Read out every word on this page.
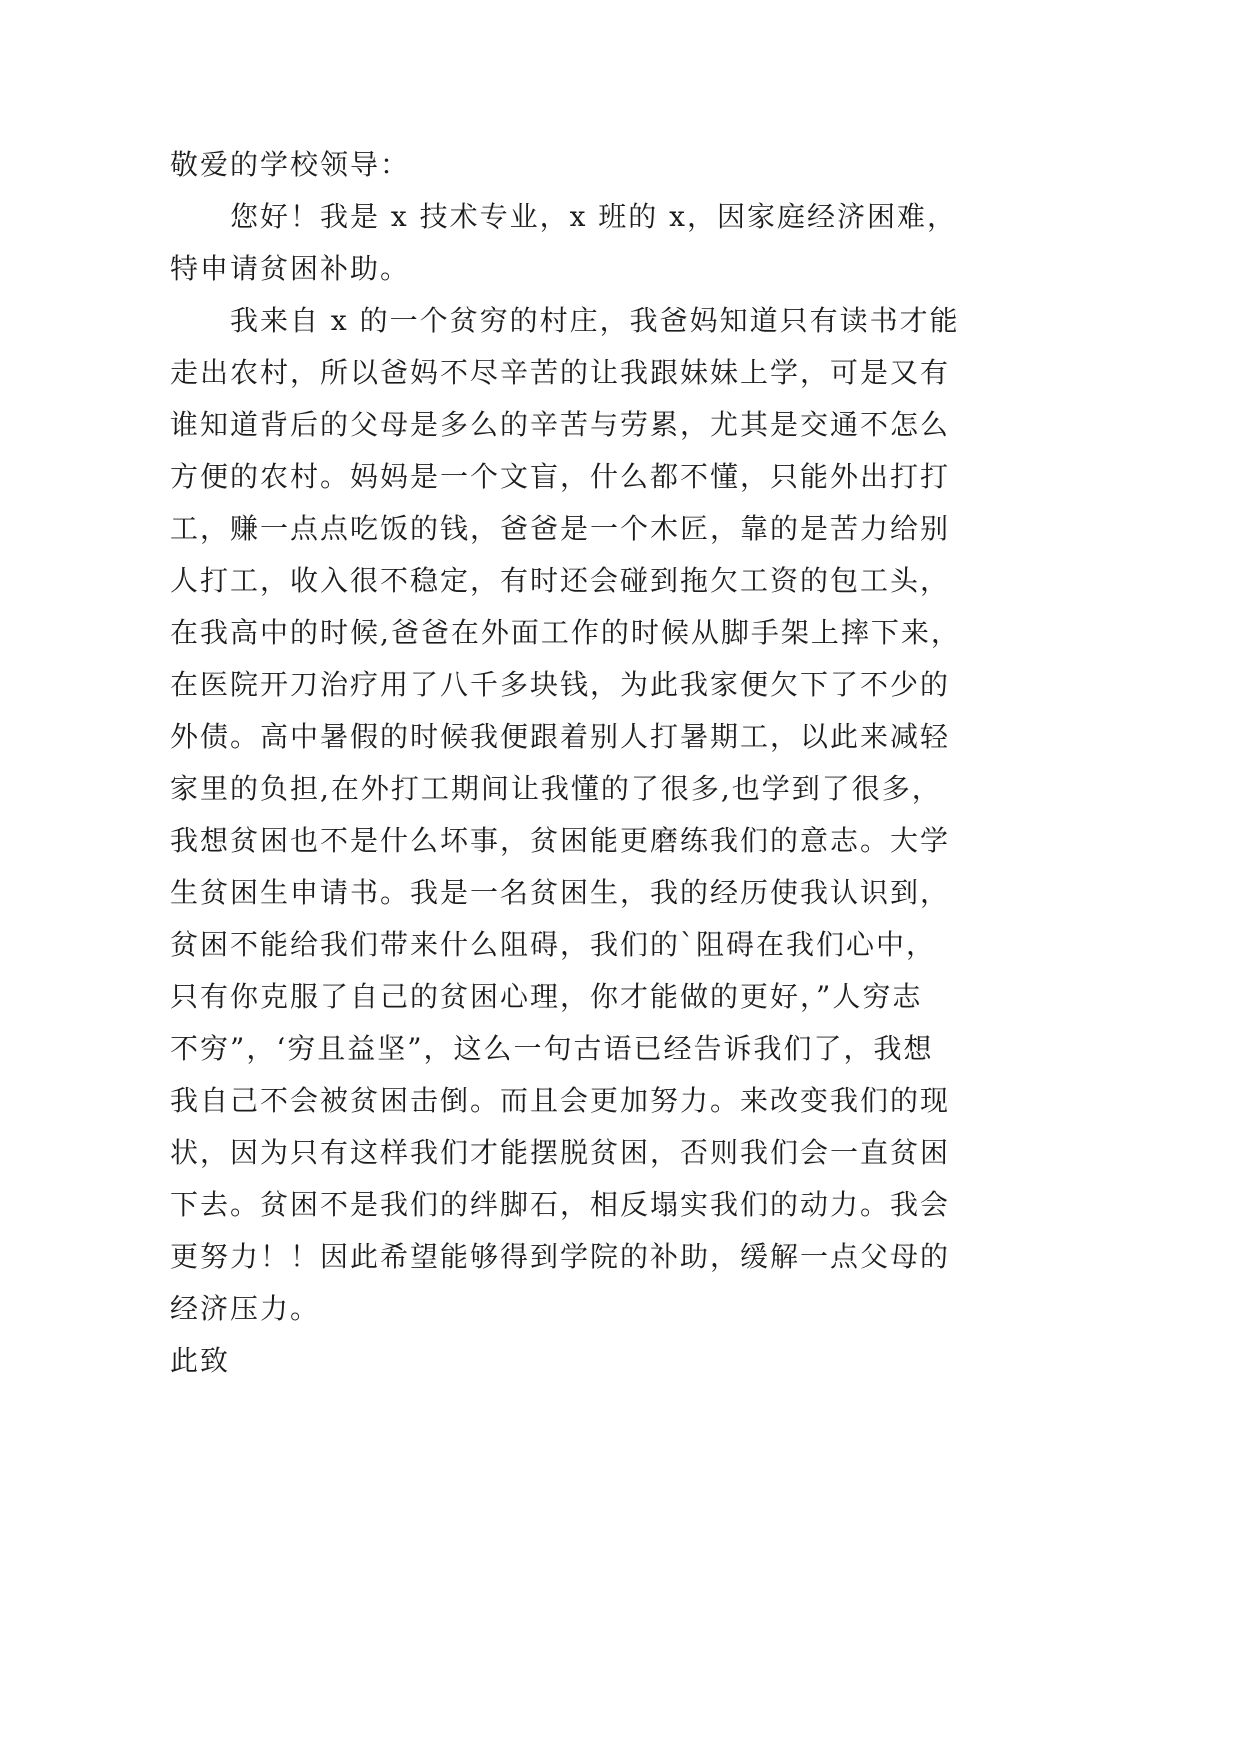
敬爱的学校领导：
您好！我是 x 技术专业，x 班的 x，因家庭经济困难，
特申请贫困补助。
我来自 x 的一个贫穷的村庄，我爸妈知道只有读书才能
走出农村，所以爸妈不尽辛苦的让我跟妹妹上学，可是又有
谁知道背后的父母是多么的辛苦与劳累，尤其是交通不怎么
方便的农村。妈妈是一个文盲，什么都不懂，只能外出打打
工，赚一点点吃饭的钱，爸爸是一个木匠，靠的是苦力给别
人打工，收入很不稳定，有时还会碰到拖欠工资的包工头，
在我高中的时候,爸爸在外面工作的时候从脚手架上摔下来，
在医院开刀治疗用了八千多块钱，为此我家便欠下了不少的
外债。高中暑假的时候我便跟着别人打暑期工，以此来减轻
家里的负担,在外打工期间让我懂的了很多,也学到了很多，
我想贫困也不是什么坏事，贫困能更磨练我们的意志。大学
生贫困生申请书。我是一名贫困生，我的经历使我认识到，
贫困不能给我们带来什么阻碍，我们的`阻碍在我们心中，
只有你克服了自己的贫困心理，你才能做的更好，”人穷志
不穷”，‘穷且益坚”，这么一句古语已经告诉我们了，我想
我自己不会被贫困击倒。而且会更加努力。来改变我们的现
状，因为只有这样我们才能摆脱贫困，否则我们会一直贫困
下去。贫困不是我们的绊脚石，相反塌实我们的动力。我会
更努力！！因此希望能够得到学院的补助，缓解一点父母的
经济压力。
此致
